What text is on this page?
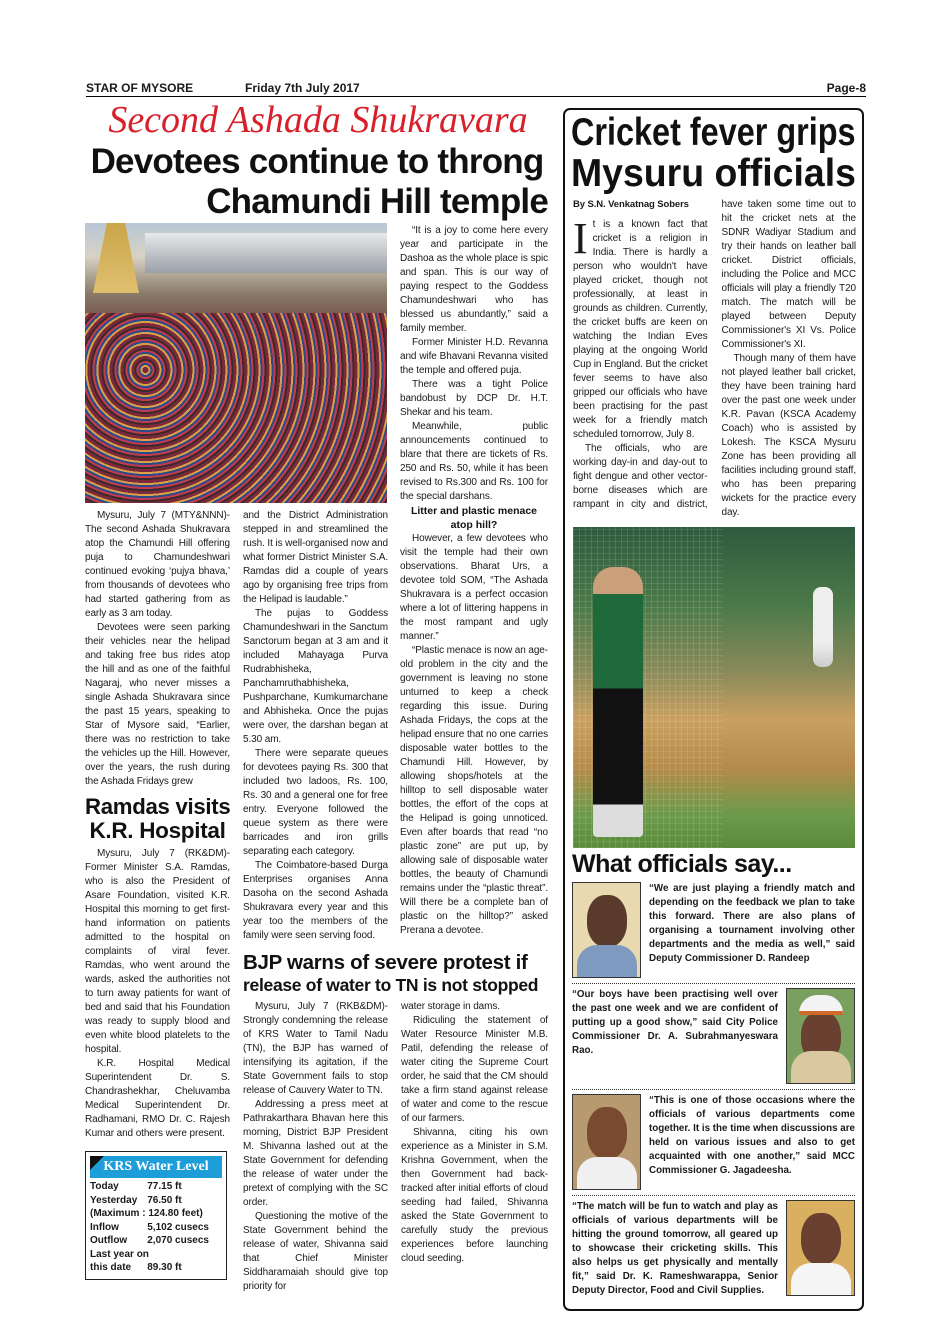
STAR OF MYSORE	Friday 7th July 2017	Page-8
Second Ashada Shukravara
Devotees continue to throng
Chamundi Hill temple

Mysuru, July 7 (MTY&NNN)- The second Ashada Shukravara atop the Chamundi Hill offering puja to Chamundeshwari continued evoking ‘pujya bhava,’ from thousands of devotees who had started gathering from as early as 3 am today.

Devotees were seen parking their vehicles near the helipad and taking free bus rides atop the hill and as one of the faithful Nagaraj, who never misses a single Ashada Shukravara since the past 15 years, speaking to Star of Mysore said, “Earlier, there was no restriction to take the vehicles up the Hill. However, over the years, the rush during the Ashada Fridays grew

and the District Administration stepped in and streamlined the rush. It is well-organised now and what former District Minister S.A. Ramdas did a couple of years ago by organising free trips from the Helipad is laudable.”

The pujas to Goddess Chamundeshwari in the Sanctum Sanctorum began at 3 am and it included Mahayaga Purva Rudrabhisheka, Panchamruthabhisheka, Pushparchane, Kumkumarchane and Abhisheka. Once the pujas were over, the darshan began at 5.30 am.

There were separate queues for devotees paying Rs. 300 that included two ladoos, Rs. 100, Rs. 30 and a general one for free entry. Everyone followed the queue system as there were barricades and iron grills separating each category.

The Coimbatore-based Durga Enterprises organises Anna Dasoha on the second Ashada Shukravara every year and this year too the members of the family were seen serving food.

“It is a joy to come here every year and participate in the Dashoa as the whole place is spic and span. This is our way of paying respect to the Goddess Chamundeshwari who has blessed us abundantly,” said a family member.

Former Minister H.D. Revanna and wife Bhavani Revanna visited the temple and offered puja.

There was a tight Police bandobust by DCP Dr. H.T. Shekar and his team.

Meanwhile, public announcements continued to blare that there are tickets of Rs. 250 and Rs. 50, while it has been revised to Rs.300 and Rs. 100 for the special darshans.

Litter and plastic menace atop hill?

However, a few devotees who visit the temple had their own observations. Bharat Urs, a devotee told SOM, “The Ashada Shukravara is a perfect occasion where a lot of littering happens in the most rampant and ugly manner.”

“Plastic menace is now an age-old problem in the city and the government is leaving no stone unturned to keep a check regarding this issue. During Ashada Fridays, the cops at the helipad ensure that no one carries disposable water bottles to the Chamundi Hill. However, by allowing shops/hotels at the hilltop to sell disposable water bottles, the effort of the cops at the Helipad is going unnoticed. Even after boards that read “no plastic zone” are put up, by allowing sale of disposable water bottles, the beauty of Chamundi remains under the “plastic threat”. Will there be a complete ban of plastic on the hilltop?” asked Prerana a devotee.

Ramdas visits
K.R. Hospital

Mysuru, July 7 (RK&DM)- Former Minister S.A. Ramdas, who is also the President of Asare Foundation, visited K.R. Hospital this morning to get first-hand information on patients admitted to the hospital on complaints of viral fever. Ramdas, who went around the wards, asked the authorities not to turn away patients for want of bed and said that his Foundation was ready to supply blood and even white blood platelets to the hospital.

K.R. Hospital Medical Superintendent Dr. S. Chandrashekhar, Cheluvamba Medical Superintendent Dr. Radhamani, RMO Dr. C. Rajesh Kumar and others were present.

KRS Water Level
Today	77.15 ft
Yesterday	76.50 ft
(Maximum : 124.80 feet)	
Inflow	5,102 cusecs
Outflow	2,070 cusecs
Last year on	
this date	89.30 ft
BJP warns of severe protest if
release of water to TN is not stopped

Mysuru, July 7 (RKB&DM)- Strongly condemning the release of KRS Water to Tamil Nadu (TN), the BJP has warned of intensifying its agitation, if the State Government fails to stop release of Cauvery Water to TN.

Addressing a press meet at Pathrakarthara Bhavan here this morning, District BJP President M. Shivanna lashed out at the State Government for defending the release of water under the pretext of complying with the SC order.

Questioning the motive of the State Government behind the release of water, Shivanna said that Chief Minister Siddharamaiah should give top priority for

water storage in dams.

Ridiculing the statement of Water Resource Minister M.B. Patil, defending the release of water citing the Supreme Court order, he said that the CM should take a firm stand against release of water and come to the rescue of our farmers.

Shivanna, citing his own experience as a Minister in S.M. Krishna Government, when the then Government had back-tracked after initial efforts of cloud seeding had failed, Shivanna asked the State Government to carefully study the previous experiences before launching cloud seeding.

Cricket fever grips
Mysuru officials

By S.N. Venkatnag Sobers

It is a known fact that cricket is a religion in India. There is hardly a person who wouldn't have played cricket, though not professionally, at least in grounds as children. Currently, the cricket buffs are keen on watching the Indian Eves playing at the ongoing World Cup in England. But the cricket fever seems to have also gripped our officials who have been practising for the past week for a friendly match scheduled tomorrow, July 8.

The officials, who are working day-in and day-out to fight dengue and other vector-borne diseases which are rampant in city and district, have taken some time out to hit the cricket nets at the SDNR Wadiyar Stadium and try their hands on leather ball cricket. District officials, including the Police and MCC officials will play a friendly T20 match. The match will be played between Deputy Commissioner's XI Vs. Police Commissioner's XI.

Though many of them have not played leather ball cricket, they have been training hard over the past one week under K.R. Pavan (KSCA Academy Coach) who is assisted by Lokesh. The KSCA Mysuru Zone has been providing all facilities including ground staff, who has been preparing wickets for the practice every day.

What officials say...
“We are just playing a friendly match and depending on the feedback we plan to take this forward. There are also plans of organising a tournament involving other departments and the media as well,” said Deputy Commissioner D. Randeep
“Our boys have been practising well over the past one week and we are confident of putting up a good show,” said City Police Commissioner Dr. A. Subrahmanyeswara Rao.
“This is one of those occasions where the officials of various departments come together. It is the time when discussions are held on various issues and also to get acquainted with one another,” said MCC Commissioner G. Jagadeesha.
“The match will be fun to watch and play as officials of various departments will be hitting the ground tomorrow, all geared up to showcase their cricketing skills. This also helps us get physically and mentally fit,” said Dr. K. Rameshwarappa, Senior Deputy Director, Food and Civil Supplies.
